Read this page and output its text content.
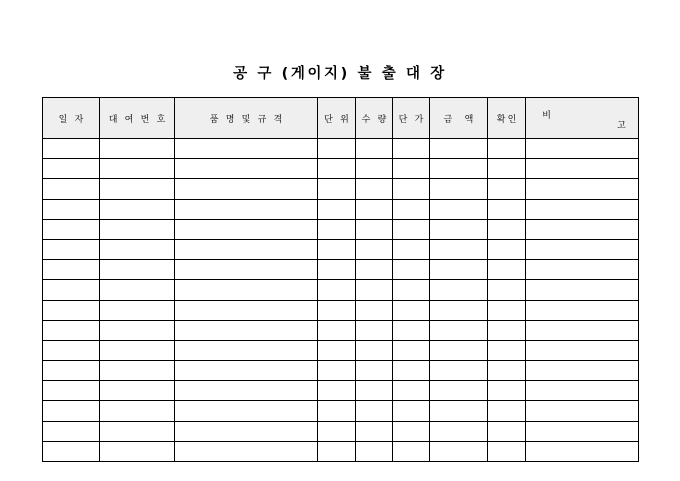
공 구 (게이지) 불 출 대 장
일 자	대 여 번 호	품 명 및 규 격	단 위	수 량	단 가	금  액	확인	비

고
